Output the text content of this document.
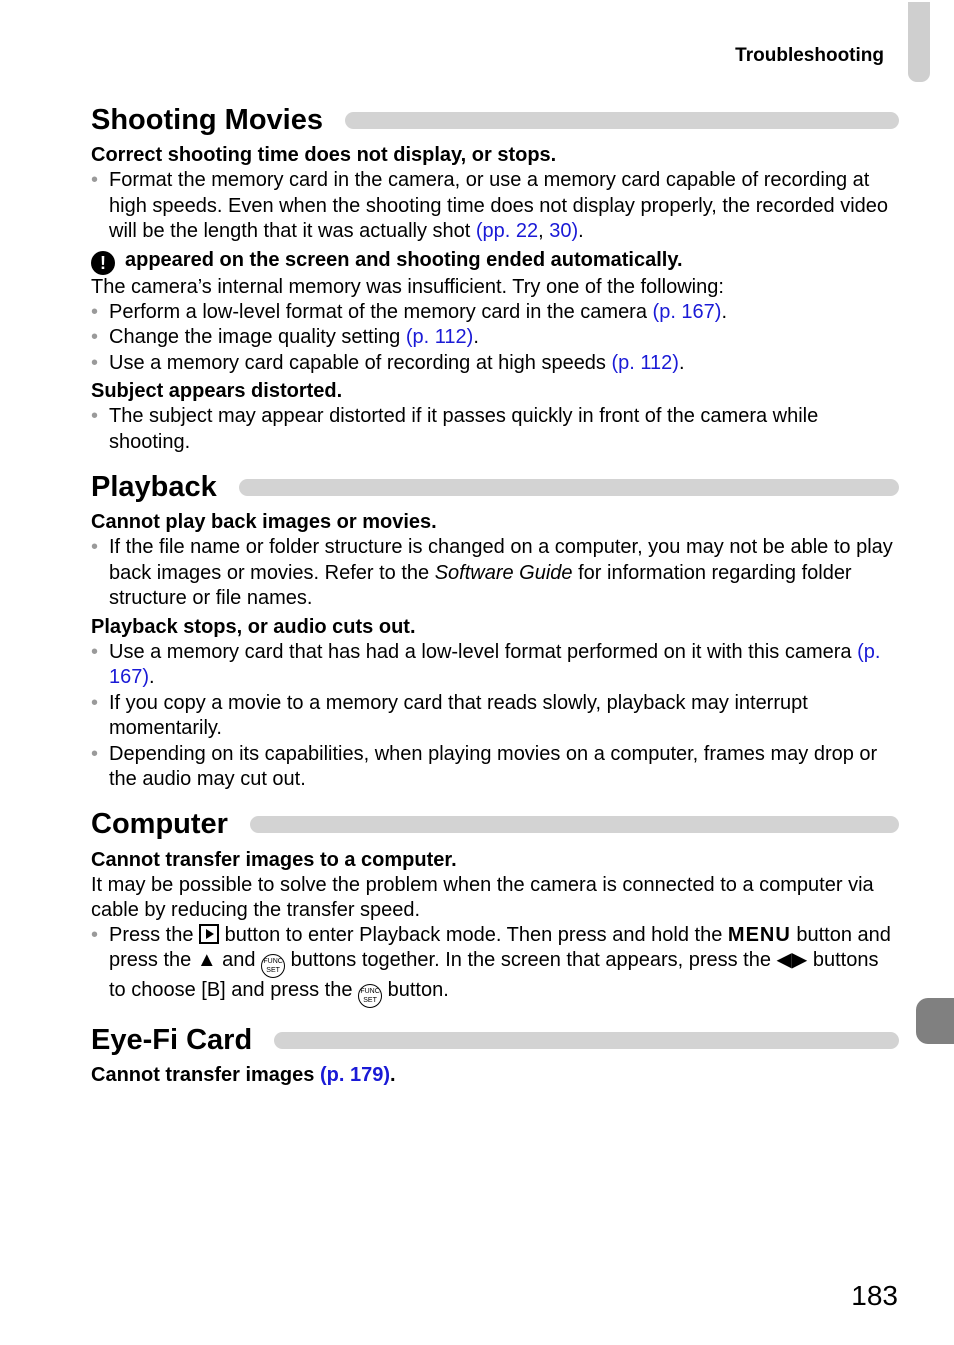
Troubleshooting
Shooting Movies
Correct shooting time does not display, or stops.
• Format the memory card in the camera, or use a memory card capable of recording at high speeds. Even when the shooting time does not display properly, the recorded video will be the length that it was actually shot (pp. 22, 30).
! appeared on the screen and shooting ended automatically.
The camera’s internal memory was insufficient. Try one of the following:
• Perform a low-level format of the memory card in the camera (p. 167).
• Change the image quality setting (p. 112).
• Use a memory card capable of recording at high speeds (p. 112).
Subject appears distorted.
• The subject may appear distorted if it passes quickly in front of the camera while shooting.
Playback
Cannot play back images or movies.
• If the file name or folder structure is changed on a computer, you may not be able to play back images or movies. Refer to the Software Guide for information regarding folder structure or file names.
Playback stops, or audio cuts out.
• Use a memory card that has had a low-level format performed on it with this camera (p. 167).
• If you copy a movie to a memory card that reads slowly, playback may interrupt momentarily.
• Depending on its capabilities, when playing movies on a computer, frames may drop or the audio may cut out.
Computer
Cannot transfer images to a computer.
It may be possible to solve the problem when the camera is connected to a computer via cable by reducing the transfer speed.
• Press the  button to enter Playback mode. Then press and hold the MENU button and press the ▲ and FUNC
SET buttons together. In the screen that appears, press the ◀▶ buttons to choose [B] and press the FUNC
SET button.
Eye-Fi Card
Cannot transfer images (p. 179).
183
